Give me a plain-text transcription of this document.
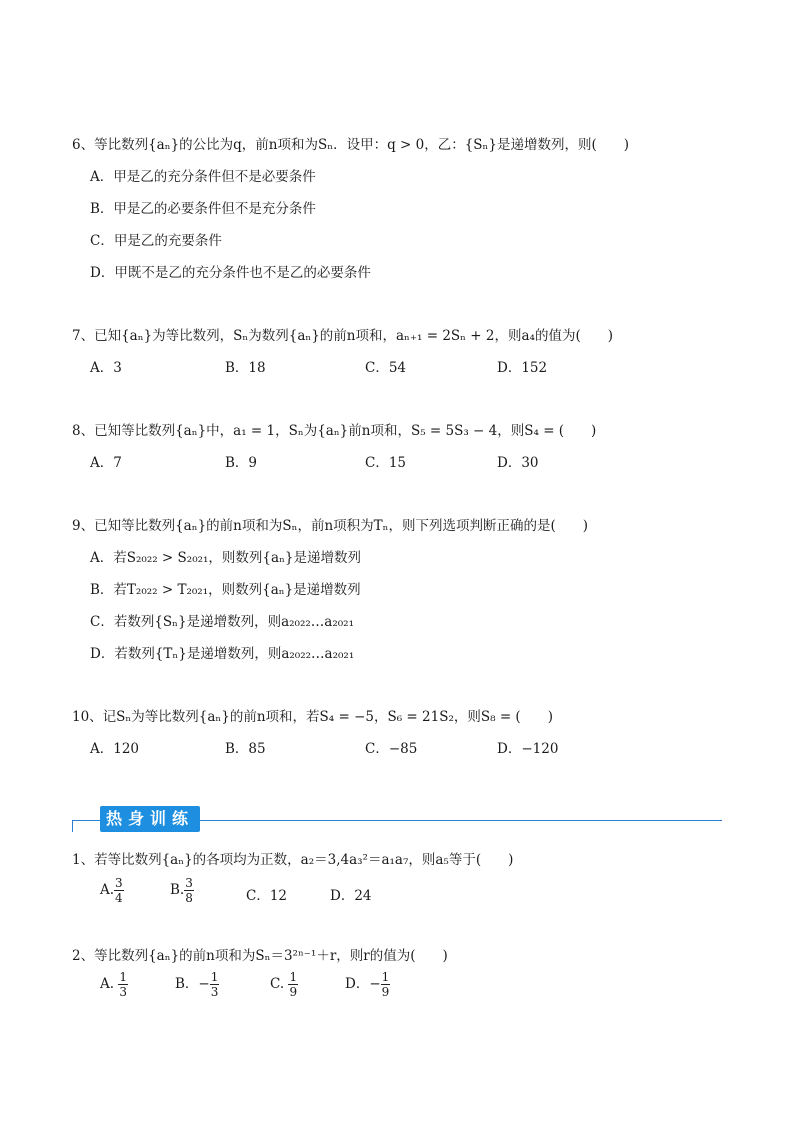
6、等比数列{aₙ}的公比为q，前n项和为Sₙ．设甲：q > 0，乙：{Sₙ}是递增数列，则(　　)
A．甲是乙的充分条件但不是必要条件
B．甲是乙的必要条件但不是充分条件
C．甲是乙的充要条件
D．甲既不是乙的充分条件也不是乙的必要条件
7、已知{aₙ}为等比数列，Sₙ为数列{aₙ}的前n项和，aₙ₊₁ = 2Sₙ + 2，则a₄的值为(　　)
A．3	B．18	C．54	D．152
8、已知等比数列{aₙ}中，a₁ = 1，Sₙ为{aₙ}前n项和，S₅ = 5S₃ − 4，则S₄ = (　　)
A．7	B．9	C．15	D．30
9、已知等比数列{aₙ}的前n项和为Sₙ，前n项积为Tₙ，则下列选项判断正确的是(　　)
A．若S₂₀₂₂ > S₂₀₂₁，则数列{aₙ}是递增数列
B．若T₂₀₂₂ > T₂₀₂₁，则数列{aₙ}是递增数列
C．若数列{Sₙ}是递增数列，则a₂₀₂₂…a₂₀₂₁
D．若数列{Tₙ}是递增数列，则a₂₀₂₂…a₂₀₂₁
10、记Sₙ为等比数列{aₙ}的前n项和，若S₄ = −5，S₆ = 21S₂，则S₈ = (　　)
A．120	B．85	C．−85	D．−120
热身训练
1、若等比数列{aₙ}的各项均为正数，a₂＝3,4a₃²＝a₁a₇，则a₅等于(　　)
A. $\frac{3}{4}$	B. $\frac{3}{8}$	C．12	D．24
2、等比数列{aₙ}的前n项和为Sₙ＝3²ⁿ⁻¹＋r，则r的值为(　　)
A. $\frac{1}{3}$	B．− $\frac{1}{3}$	C. $\frac{1}{9}$	D．− $\frac{1}{9}$
